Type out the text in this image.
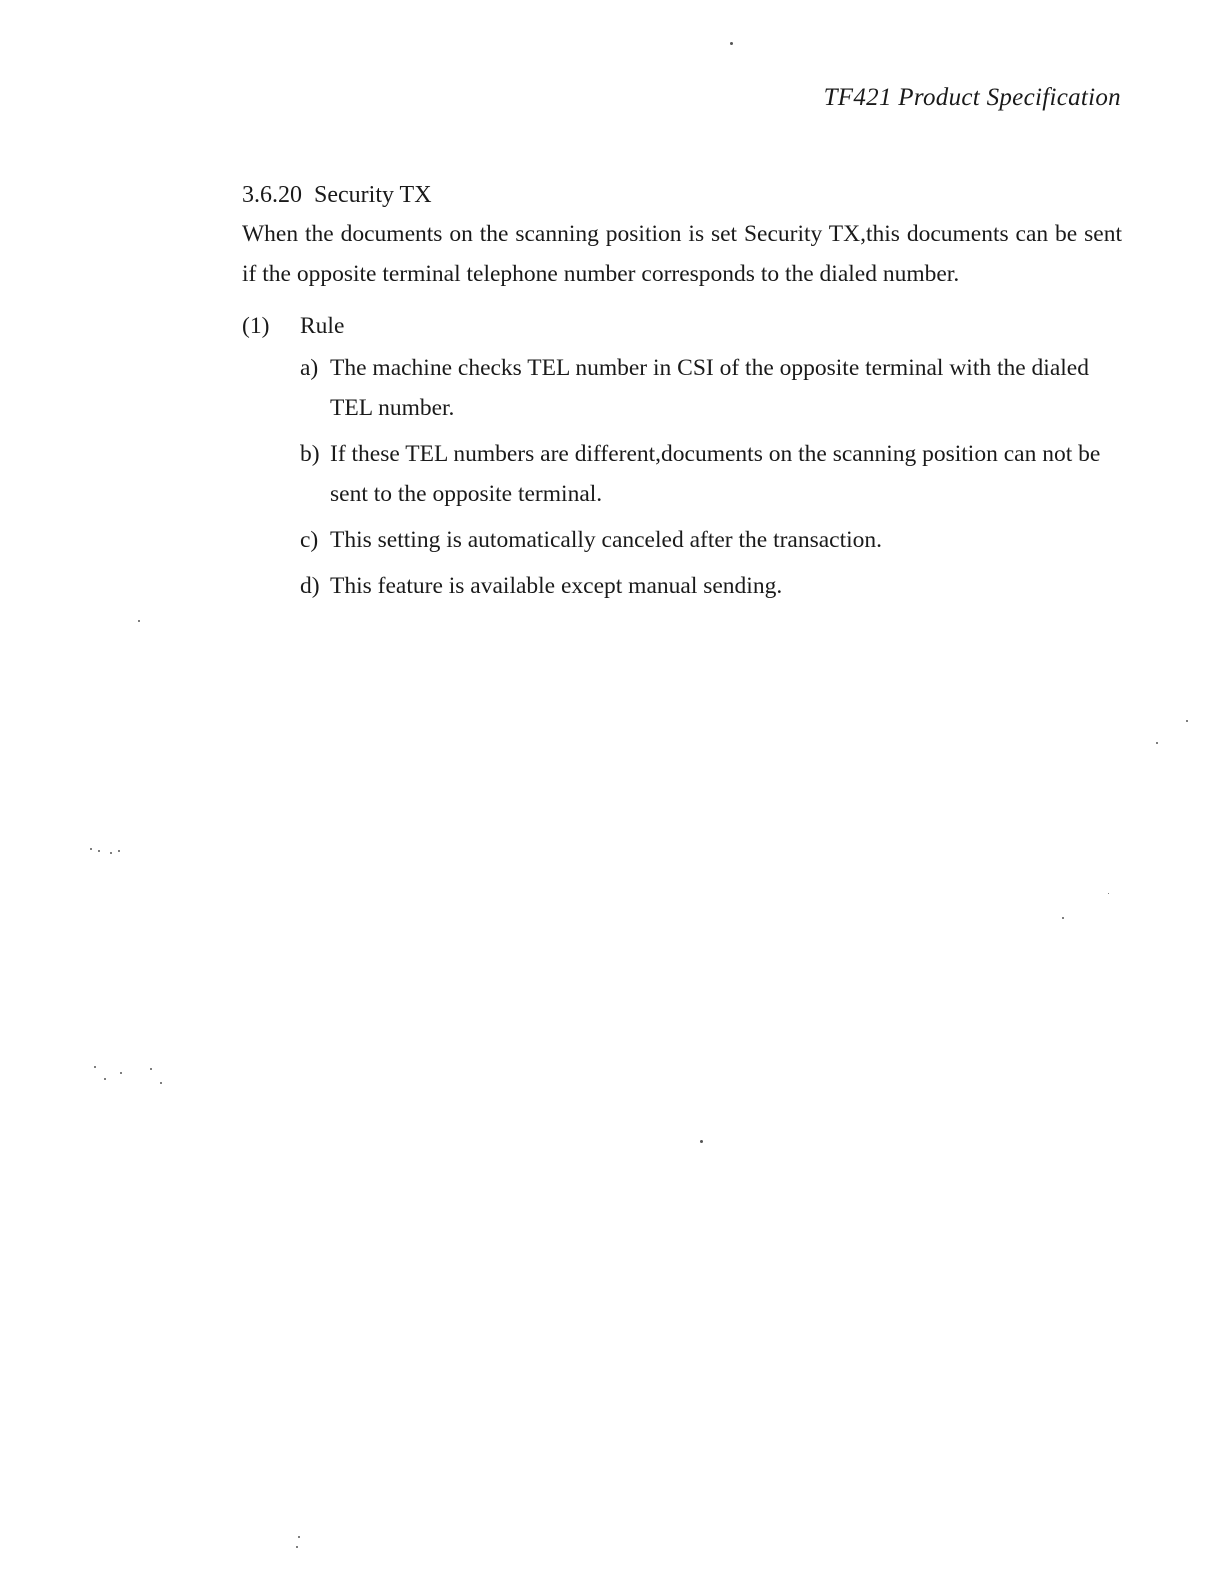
TF421 Product Specification
3.6.20 Security TX

When the documents on the scanning position is set Security TX,this documents can be sent if the opposite terminal telephone number corresponds to the dialed number.

(1) Rule
a) The machine checks TEL number in CSI of the opposite terminal with the dialed TEL number.
b) If these TEL numbers are different,documents on the scanning position can not be sent to the opposite terminal.
c) This setting is automatically canceled after the transaction.
d) This feature is available except manual sending.
